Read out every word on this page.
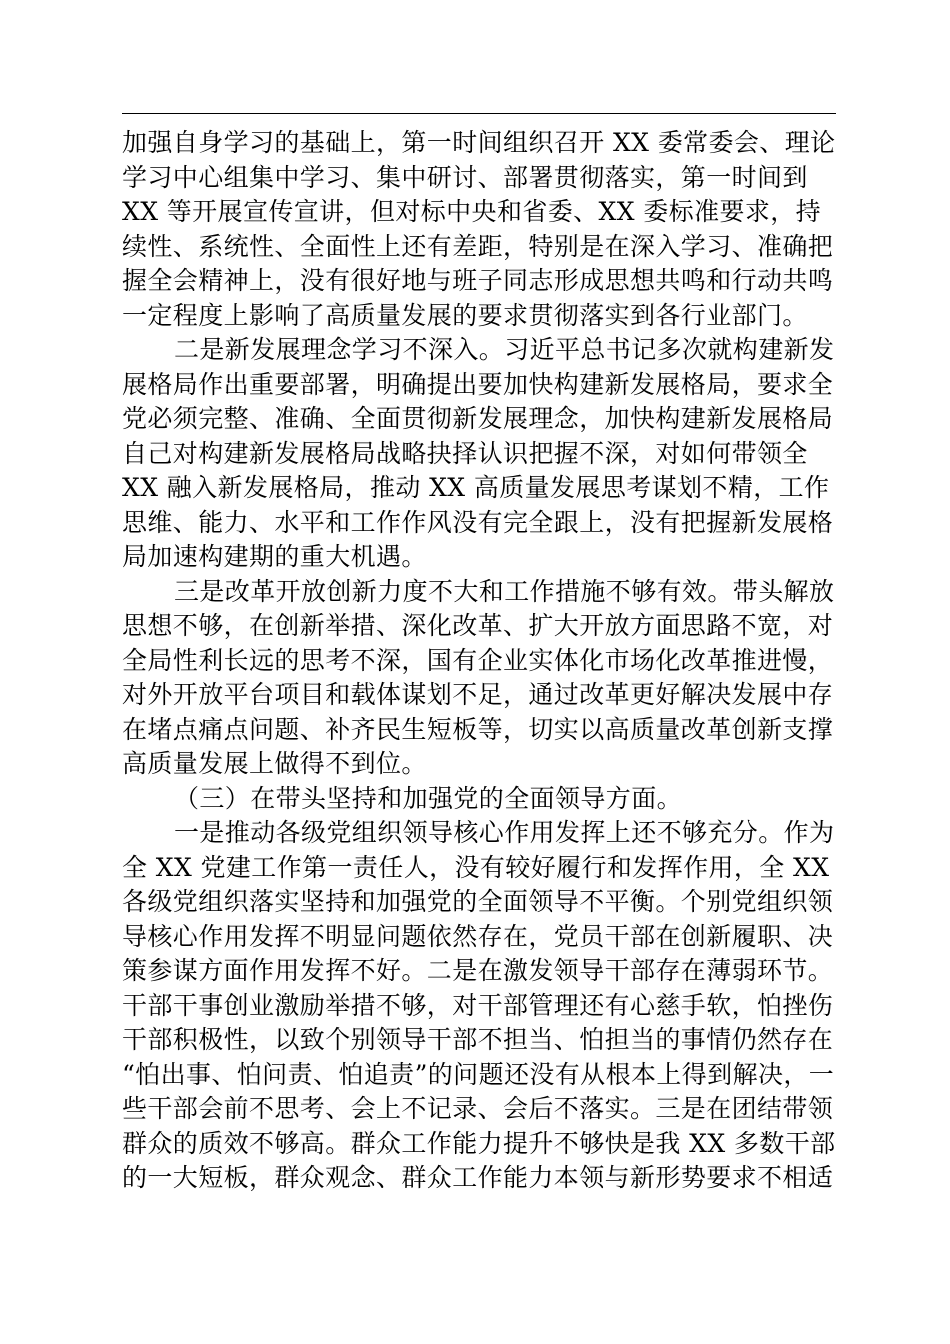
加强自身学习的基础上，第一时间组织召开 XX 委常委会、理论
学习中心组集中学习、集中研讨、部署贯彻落实，第一时间到
XX 等开展宣传宣讲，但对标中央和省委、XX 委标准要求，持
续性、系统性、全面性上还有差距，特别是在深入学习、准确把
握全会精神上，没有很好地与班子同志形成思想共鸣和行动共鸣
一定程度上影响了高质量发展的要求贯彻落实到各行业部门。
二是新发展理念学习不深入。习近平总书记多次就构建新发
展格局作出重要部署，明确提出要加快构建新发展格局，要求全
党必须完整、准确、全面贯彻新发展理念，加快构建新发展格局
自己对构建新发展格局战略抉择认识把握不深，对如何带领全
XX 融入新发展格局，推动 XX 高质量发展思考谋划不精，工作
思维、能力、水平和工作作风没有完全跟上，没有把握新发展格
局加速构建期的重大机遇。
三是改革开放创新力度不大和工作措施不够有效。带头解放
思想不够，在创新举措、深化改革、扩大开放方面思路不宽，对
全局性利长远的思考不深，国有企业实体化市场化改革推进慢，
对外开放平台项目和载体谋划不足，通过改革更好解决发展中存
在堵点痛点问题、补齐民生短板等，切实以高质量改革创新支撑
高质量发展上做得不到位。
（三）在带头坚持和加强党的全面领导方面。
一是推动各级党组织领导核心作用发挥上还不够充分。作为
全 XX 党建工作第一责任人，没有较好履行和发挥作用，全 XX
各级党组织落实坚持和加强党的全面领导不平衡。个别党组织领
导核心作用发挥不明显问题依然存在，党员干部在创新履职、决
策参谋方面作用发挥不好。二是在激发领导干部存在薄弱环节。
干部干事创业激励举措不够，对干部管理还有心慈手软，怕挫伤
干部积极性，以致个别领导干部不担当、怕担当的事情仍然存在
“怕出事、怕问责、怕追责”的问题还没有从根本上得到解决，一
些干部会前不思考、会上不记录、会后不落实。三是在团结带领
群众的质效不够高。群众工作能力提升不够快是我 XX 多数干部
的一大短板，群众观念、群众工作能力本领与新形势要求不相适
